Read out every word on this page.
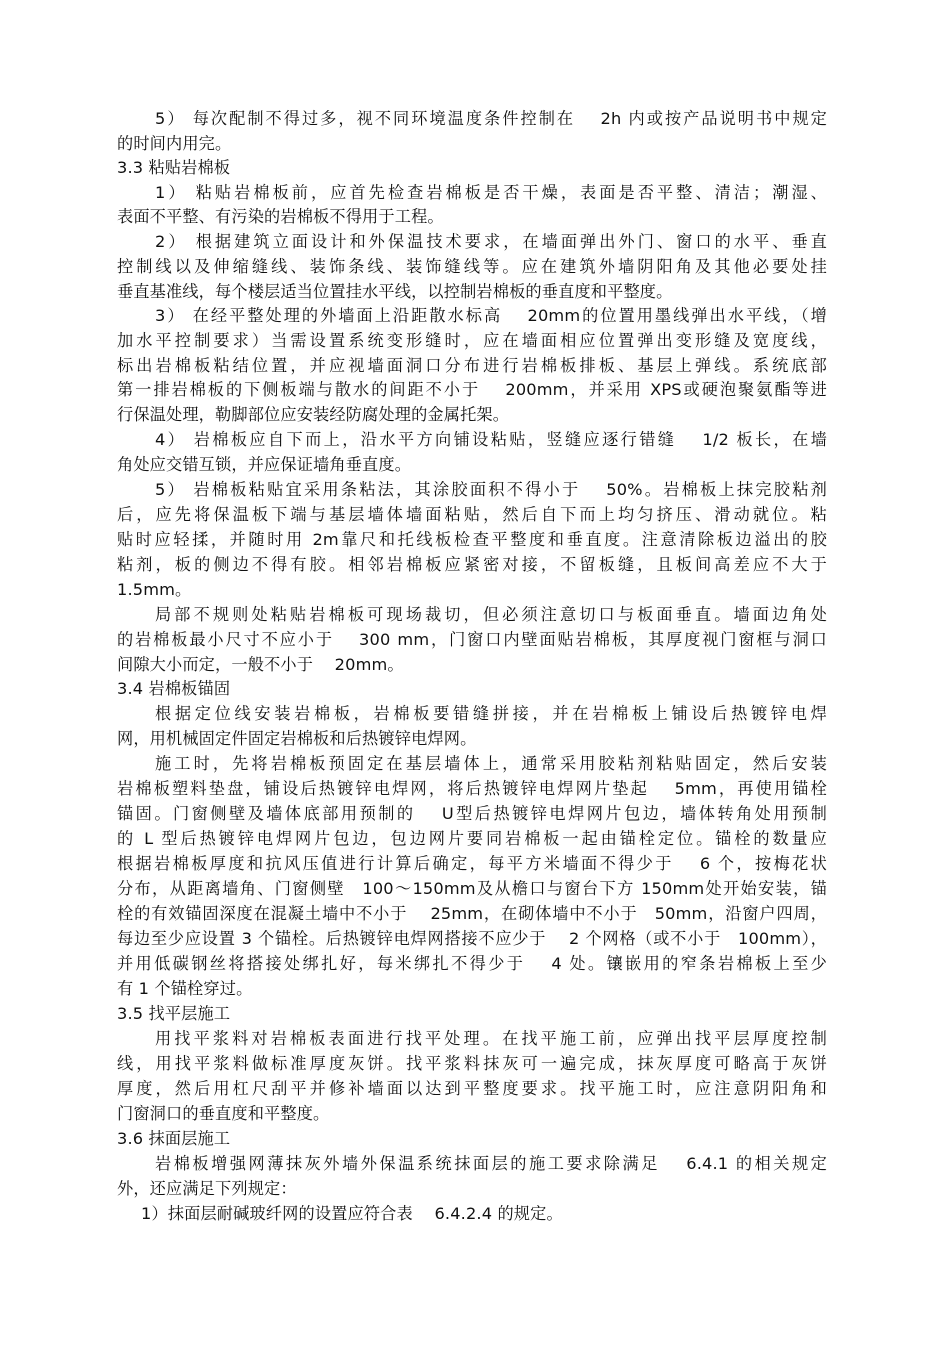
5） 每次配制不得过多，视不同环境温度条件控制在　 2h 内或按产品说明书中规定
的时间内用完。
3.3 粘贴岩棉板
1） 粘贴岩棉板前，应首先检查岩棉板是否干燥，表面是否平整、清洁；潮湿、
表面不平整、有污染的岩棉板不得用于工程。
2） 根据建筑立面设计和外保温技术要求，在墙面弹出外门、窗口的水平、垂直
控制线以及伸缩缝线、装饰条线、装饰缝线等。应在建筑外墙阴阳角及其他必要处挂
垂直基准线，每个楼层适当位置挂水平线，以控制岩棉板的垂直度和平整度。
3） 在经平整处理的外墙面上沿距散水标高　 20mm的位置用墨线弹出水平线，（增
加水平控制要求）当需设置系统变形缝时，应在墙面相应位置弹出变形缝及宽度线，
标出岩棉板粘结位置，并应视墙面洞口分布进行岩棉板排板、基层上弹线。系统底部
第一排岩棉板的下侧板端与散水的间距不小于　 200mm，并采用 XPS或硬泡聚氨酯等进
行保温处理，勒脚部位应安装经防腐处理的金属托架。
4） 岩棉板应自下而上，沿水平方向铺设粘贴，竖缝应逐行错缝　 1/2 板长，在墙
角处应交错互锁，并应保证墙角垂直度。
5） 岩棉板粘贴宜采用条粘法，其涂胶面积不得小于　 50%。岩棉板上抹完胶粘剂
后，应先将保温板下端与基层墙体墙面粘贴，然后自下而上均匀挤压、滑动就位。粘
贴时应轻揉，并随时用 2m靠尺和托线板检查平整度和垂直度。注意清除板边溢出的胶
粘剂，板的侧边不得有胶。相邻岩棉板应紧密对接，不留板缝，且板间高差应不大于
1.5mm。
局部不规则处粘贴岩棉板可现场裁切，但必须注意切口与板面垂直。墙面边角处
的岩棉板最小尺寸不应小于　 300 mm，门窗口内壁面贴岩棉板，其厚度视门窗框与洞口
间隙大小而定，一般不小于　 20mm。
3.4 岩棉板锚固
根据定位线安装岩棉板，岩棉板要错缝拼接，并在岩棉板上铺设后热镀锌电焊
网，用机械固定件固定岩棉板和后热镀锌电焊网。
施工时，先将岩棉板预固定在基层墙体上，通常采用胶粘剂粘贴固定，然后安装
岩棉板塑料垫盘，铺设后热镀锌电焊网，将后热镀锌电焊网片垫起　 5mm，再使用锚栓
锚固。门窗侧壁及墙体底部用预制的　 U型后热镀锌电焊网片包边，墙体转角处用预制
的 L 型后热镀锌电焊网片包边，包边网片要同岩棉板一起由锚栓定位。锚栓的数量应
根据岩棉板厚度和抗风压值进行计算后确定，每平方米墙面不得少于　 6 个，按梅花状
分布，从距离墙角、门窗侧壁　100～150mm及从檐口与窗台下方 150mm处开始安装，锚
栓的有效锚固深度在混凝土墙中不小于　 25mm，在砌体墙中不小于　50mm，沿窗户四周，
每边至少应设置 3 个锚栓。后热镀锌电焊网搭接不应少于　 2 个网格（或不小于　100mm），
并用低碳钢丝将搭接处绑扎好，每米绑扎不得少于　 4 处。镶嵌用的窄条岩棉板上至少
有 1 个锚栓穿过。
3.5 找平层施工
用找平浆料对岩棉板表面进行找平处理。在找平施工前，应弹出找平层厚度控制
线，用找平浆料做标准厚度灰饼。找平浆料抹灰可一遍完成，抹灰厚度可略高于灰饼
厚度，然后用杠尺刮平并修补墙面以达到平整度要求。找平施工时，应注意阴阳角和
门窗洞口的垂直度和平整度。
3.6 抹面层施工
岩棉板增强网薄抹灰外墙外保温系统抹面层的施工要求除满足　 6.4.1 的相关规定
外，还应满足下列规定：
1）抹面层耐碱玻纤网的设置应符合表　 6.4.2.4 的规定。
